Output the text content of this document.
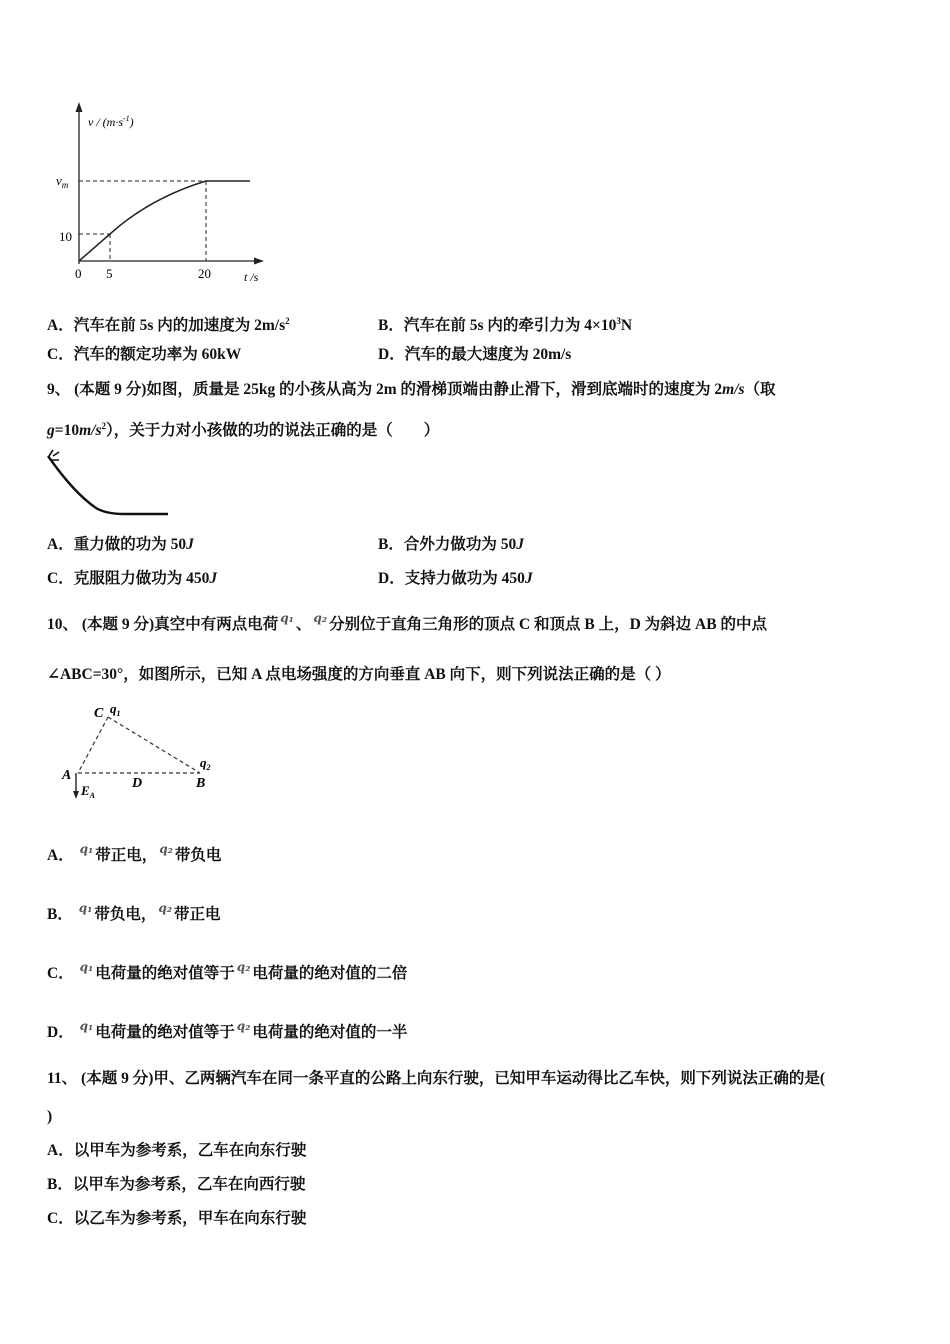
$v / (m\cdot s^{-1})$
$v_m$
10
0 5	20	t /s
A．汽车在前 5s 内的加速度为 $2m/s^2$	B．汽车在前 5s 内的牵引力为 $4\times 10^3N$
C．汽车的额定功率为 60kW	D．汽车的最大速度为 20m/s
9、 (本题 9 分)如图，质量是 25kg 的小孩从高为 2m 的滑梯顶端由静止滑下，滑到底端时的速度为 2m/s（取
$g=10m/s^2$），关于力对小孩做的功的说法正确的是（　　）
A．重力做的功为 50J	B．合外力做功为 50J
C．克服阻力做功为 450J	D．支持力做功为 450J
10、 (本题 9 分)真空中有两点电荷 $^{q_1}$ 、 $^{q_2}$ 分别位于直角三角形的顶点 C 和顶点 B 上，D 为斜边 AB 的中点
∠ABC=30°，如图所示，已知 A 点电场强度的方向垂直 AB 向下，则下列说法正确的是（ ）
C $q_1$
$q_2$
A
D	B
$E_A$
A． $^{q_1}$ 带正电， $^{q_2}$ 带负电
B． $^{q_1}$ 带负电， $^{q_2}$ 带正电
C． $^{q_1}$ 电荷量的绝对值等于 $^{q_2}$ 电荷量的绝对值的二倍
D． $^{q_1}$ 电荷量的绝对值等于 $^{q_2}$ 电荷量的绝对值的一半
11、 (本题 9 分)甲、乙两辆汽车在同一条平直的公路上向东行驶，已知甲车运动得比乙车快，则下列说法正确的是(
)
A．以甲车为参考系，乙车在向东行驶
B．以甲车为参考系，乙车在向西行驶
C．以乙车为参考系，甲车在向东行驶
